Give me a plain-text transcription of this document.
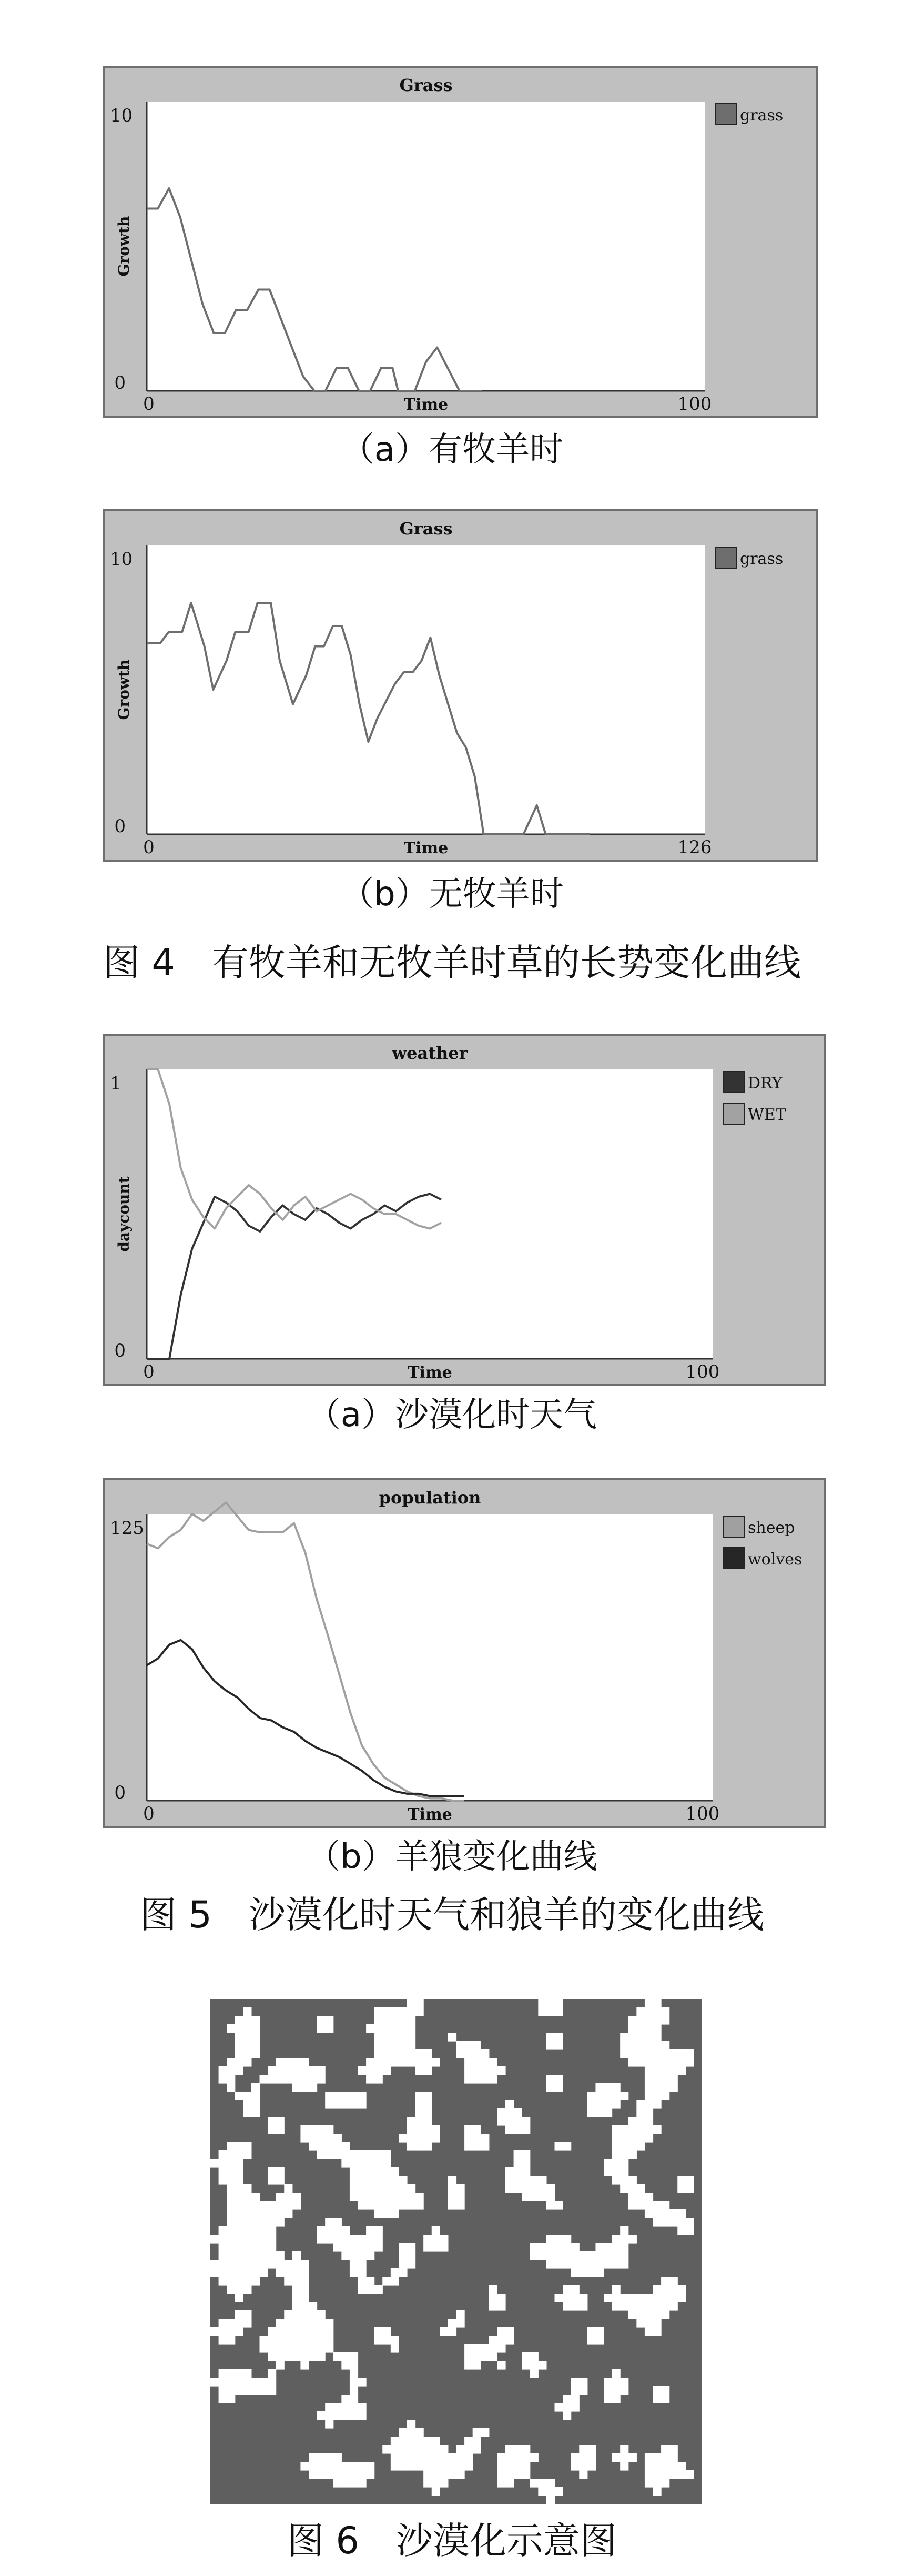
Grass
Time
Growth
0
10
0	100
grass
（a）有牧羊时
Grass
Time
Growth
0
10
0	126
grass
（b）无牧羊时
图 4　有牧羊和无牧羊时草的长势变化曲线
weather
Time
daycount
0
1
0	100
DRY
WET
（a）沙漠化时天气
population
Time
0
125
0	100
sheep
wolves
（b）羊狼变化曲线
图 5　沙漠化时天气和狼羊的变化曲线
图 6　沙漠化示意图
